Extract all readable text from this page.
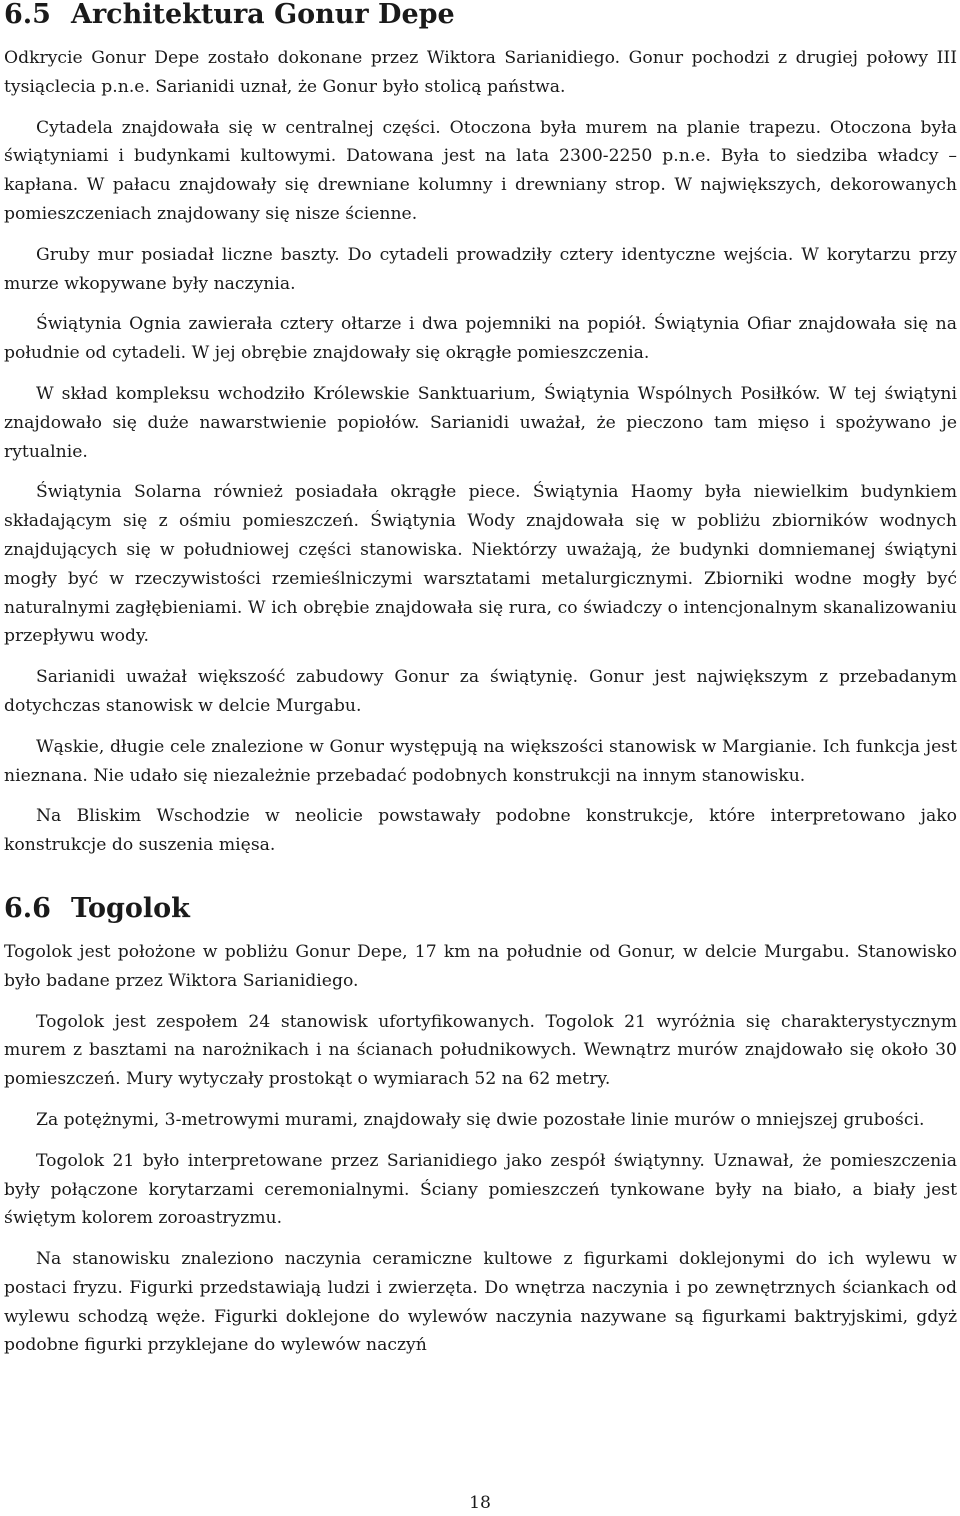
6.5 Architektura Gonur Depe

Odkrycie Gonur Depe zostało dokonane przez Wiktora Sarianidiego. Gonur pochodzi z drugiej połowy III tysiąclecia p.n.e. Sarianidi uznał, że Gonur było stolicą państwa.

Cytadela znajdowała się w centralnej części. Otoczona była murem na planie trapezu. Otoczona była świątyniami i budynkami kultowymi. Datowana jest na lata 2300-2250 p.n.e. Była to siedziba władcy – kapłana. W pałacu znajdowały się drewniane kolumny i drewniany strop. W największych, dekorowanych pomieszczeniach znajdowany się nisze ścienne.

Gruby mur posiadał liczne baszty. Do cytadeli prowadziły cztery identyczne wejścia. W korytarzu przy murze wkopywane były naczynia.

Świątynia Ognia zawierała cztery ołtarze i dwa pojemniki na popiół. Świątynia Ofiar znajdowała się na południe od cytadeli. W jej obrębie znajdowały się okrągłe pomieszczenia.

W skład kompleksu wchodziło Królewskie Sanktuarium, Świątynia Wspólnych Posiłków. W tej świątyni znajdowało się duże nawarstwienie popiołów. Sarianidi uważał, że pieczono tam mięso i spożywano je rytualnie.

Świątynia Solarna również posiadała okrągłe piece. Świątynia Haomy była niewielkim budynkiem składającym się z ośmiu pomieszczeń. Świątynia Wody znajdowała się w pobliżu zbiorników wodnych znajdujących się w południowej części stanowiska. Niektórzy uważają, że budynki domniemanej świątyni mogły być w rzeczywistości rzemieślniczymi warsztatami metalurgicznymi. Zbiorniki wodne mogły być naturalnymi zagłębieniami. W ich obrębie znajdowała się rura, co świadczy o intencjonalnym skanalizowaniu przepływu wody.

Sarianidi uważał większość zabudowy Gonur za świątynię. Gonur jest największym z przebadanym dotychczas stanowisk w delcie Murgabu.

Wąskie, długie cele znalezione w Gonur występują na większości stanowisk w Margianie. Ich funkcja jest nieznana. Nie udało się niezależnie przebadać podobnych konstrukcji na innym stanowisku.

Na Bliskim Wschodzie w neolicie powstawały podobne konstrukcje, które interpretowano jako konstrukcje do suszenia mięsa.

6.6 Togolok

Togolok jest położone w pobliżu Gonur Depe, 17 km na południe od Gonur, w delcie Murgabu. Stanowisko było badane przez Wiktora Sarianidiego.

Togolok jest zespołem 24 stanowisk ufortyfikowanych. Togolok 21 wyróżnia się charakterystycznym murem z basztami na narożnikach i na ścianach południkowych. Wewnątrz murów znajdowało się około 30 pomieszczeń. Mury wytyczały prostokąt o wymiarach 52 na 62 metry.

Za potężnymi, 3-metrowymi murami, znajdowały się dwie pozostałe linie murów o mniejszej grubości.

Togolok 21 było interpretowane przez Sarianidiego jako zespół świątynny. Uznawał, że pomieszczenia były połączone korytarzami ceremonialnymi. Ściany pomieszczeń tynkowane były na biało, a biały jest świętym kolorem zoroastryzmu.

Na stanowisku znaleziono naczynia ceramiczne kultowe z figurkami doklejonymi do ich wylewu w postaci fryzu. Figurki przedstawiają ludzi i zwierzęta. Do wnętrza naczynia i po zewnętrznych ściankach od wylewu schodzą węże. Figurki doklejone do wylewów naczynia nazywane są figurkami baktryjskimi, gdyż podobne figurki przyklejane do wylewów naczyń

18
